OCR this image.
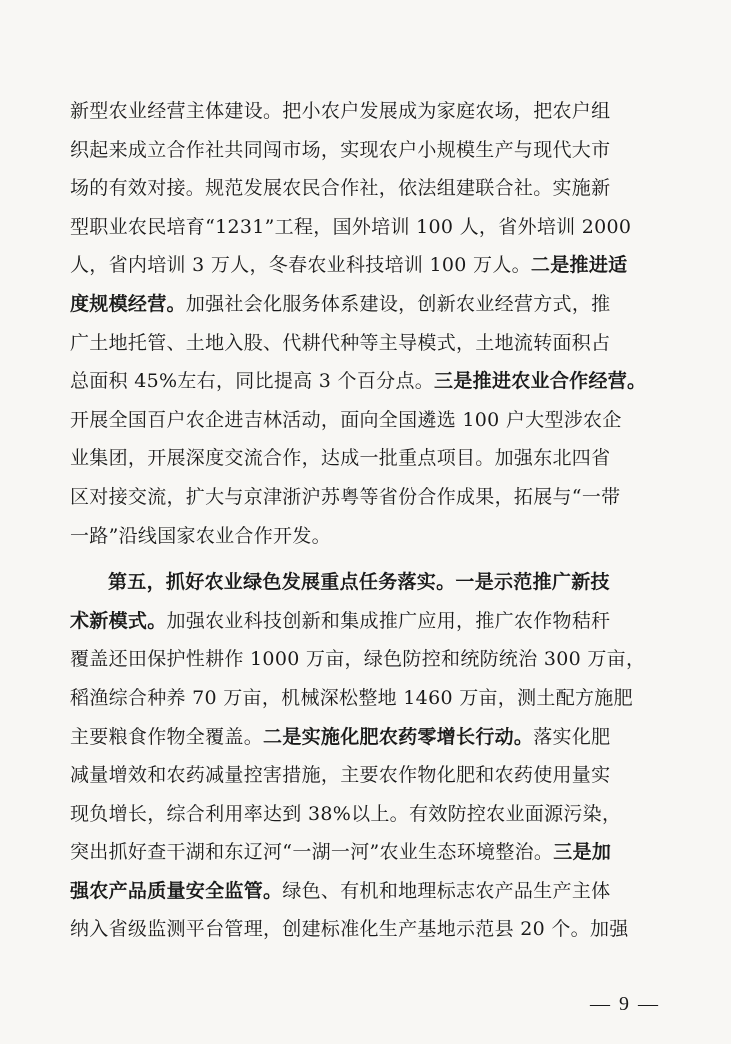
新型农业经营主体建设。把小农户发展成为家庭农场，把农户组
织起来成立合作社共同闯市场，实现农户小规模生产与现代大市
场的有效对接。规范发展农民合作社，依法组建联合社。实施新
型职业农民培育“1231”工程，国外培训 100 人，省外培训 2000
人，省内培训 3 万人，冬春农业科技培训 100 万人。二是推进适
度规模经营。加强社会化服务体系建设，创新农业经营方式，推
广土地托管、土地入股、代耕代种等主导模式，土地流转面积占
总面积 45%左右，同比提高 3 个百分点。三是推进农业合作经营。
开展全国百户农企进吉林活动，面向全国遴选 100 户大型涉农企
业集团，开展深度交流合作，达成一批重点项目。加强东北四省
区对接交流，扩大与京津浙沪苏粤等省份合作成果，拓展与“一带
一路”沿线国家农业合作开发。
第五，抓好农业绿色发展重点任务落实。一是示范推广新技
术新模式。加强农业科技创新和集成推广应用，推广农作物秸秆
覆盖还田保护性耕作 1000 万亩，绿色防控和统防统治 300 万亩，
稻渔综合种养 70 万亩，机械深松整地 1460 万亩，测土配方施肥
主要粮食作物全覆盖。二是实施化肥农药零增长行动。落实化肥
减量增效和农药减量控害措施，主要农作物化肥和农药使用量实
现负增长，综合利用率达到 38%以上。有效防控农业面源污染，
突出抓好查干湖和东辽河“一湖一河”农业生态环境整治。三是加
强农产品质量安全监管。绿色、有机和地理标志农产品生产主体
纳入省级监测平台管理，创建标准化生产基地示范县 20 个。加强
— 9 —
